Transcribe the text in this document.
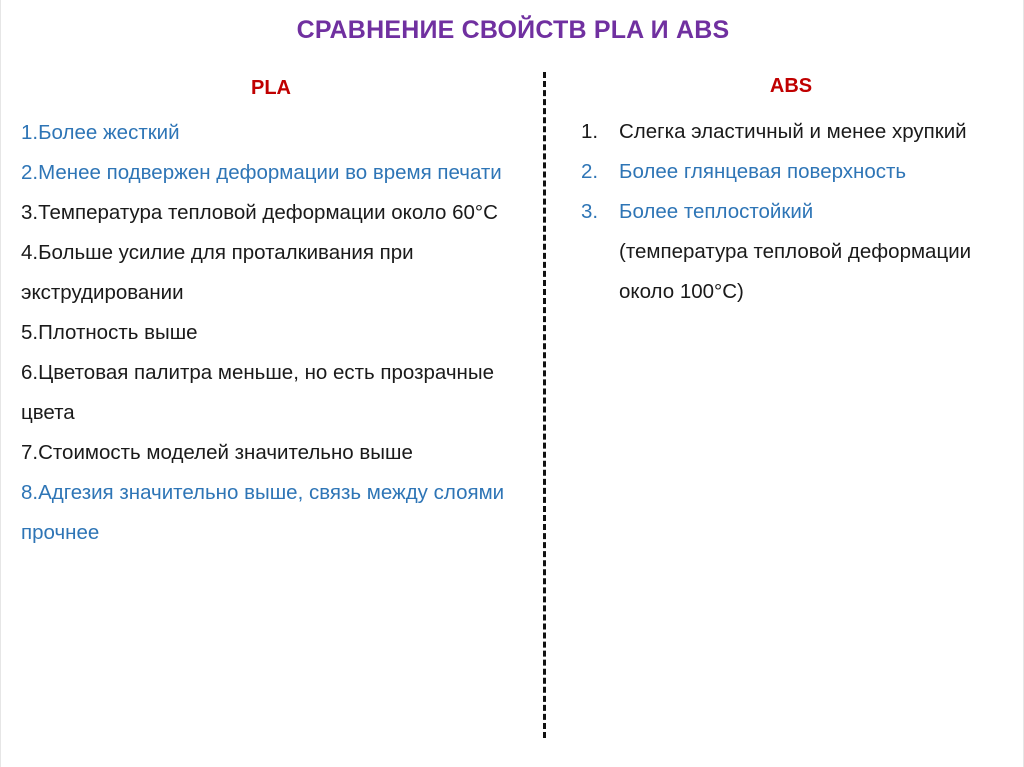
СРАВНЕНИЕ СВОЙСТВ PLA И ABS
PLA	ABS
1.Более жесткий
2.Менее подвержен деформации во время печати
3.Температура тепловой деформации около 60°С
4.Больше усилие для проталкивания при экструдировании
5.Плотность выше
6.Цветовая палитра меньше, но есть прозрачные цвета
7.Стоимость моделей значительно выше
8.Адгезия значительно выше, связь между слоями прочнее
1.	Слегка эластичный и менее хрупкий
2.	Более глянцевая поверхность
3.	Более теплостойкий
(температура тепловой деформации около 100°С)
